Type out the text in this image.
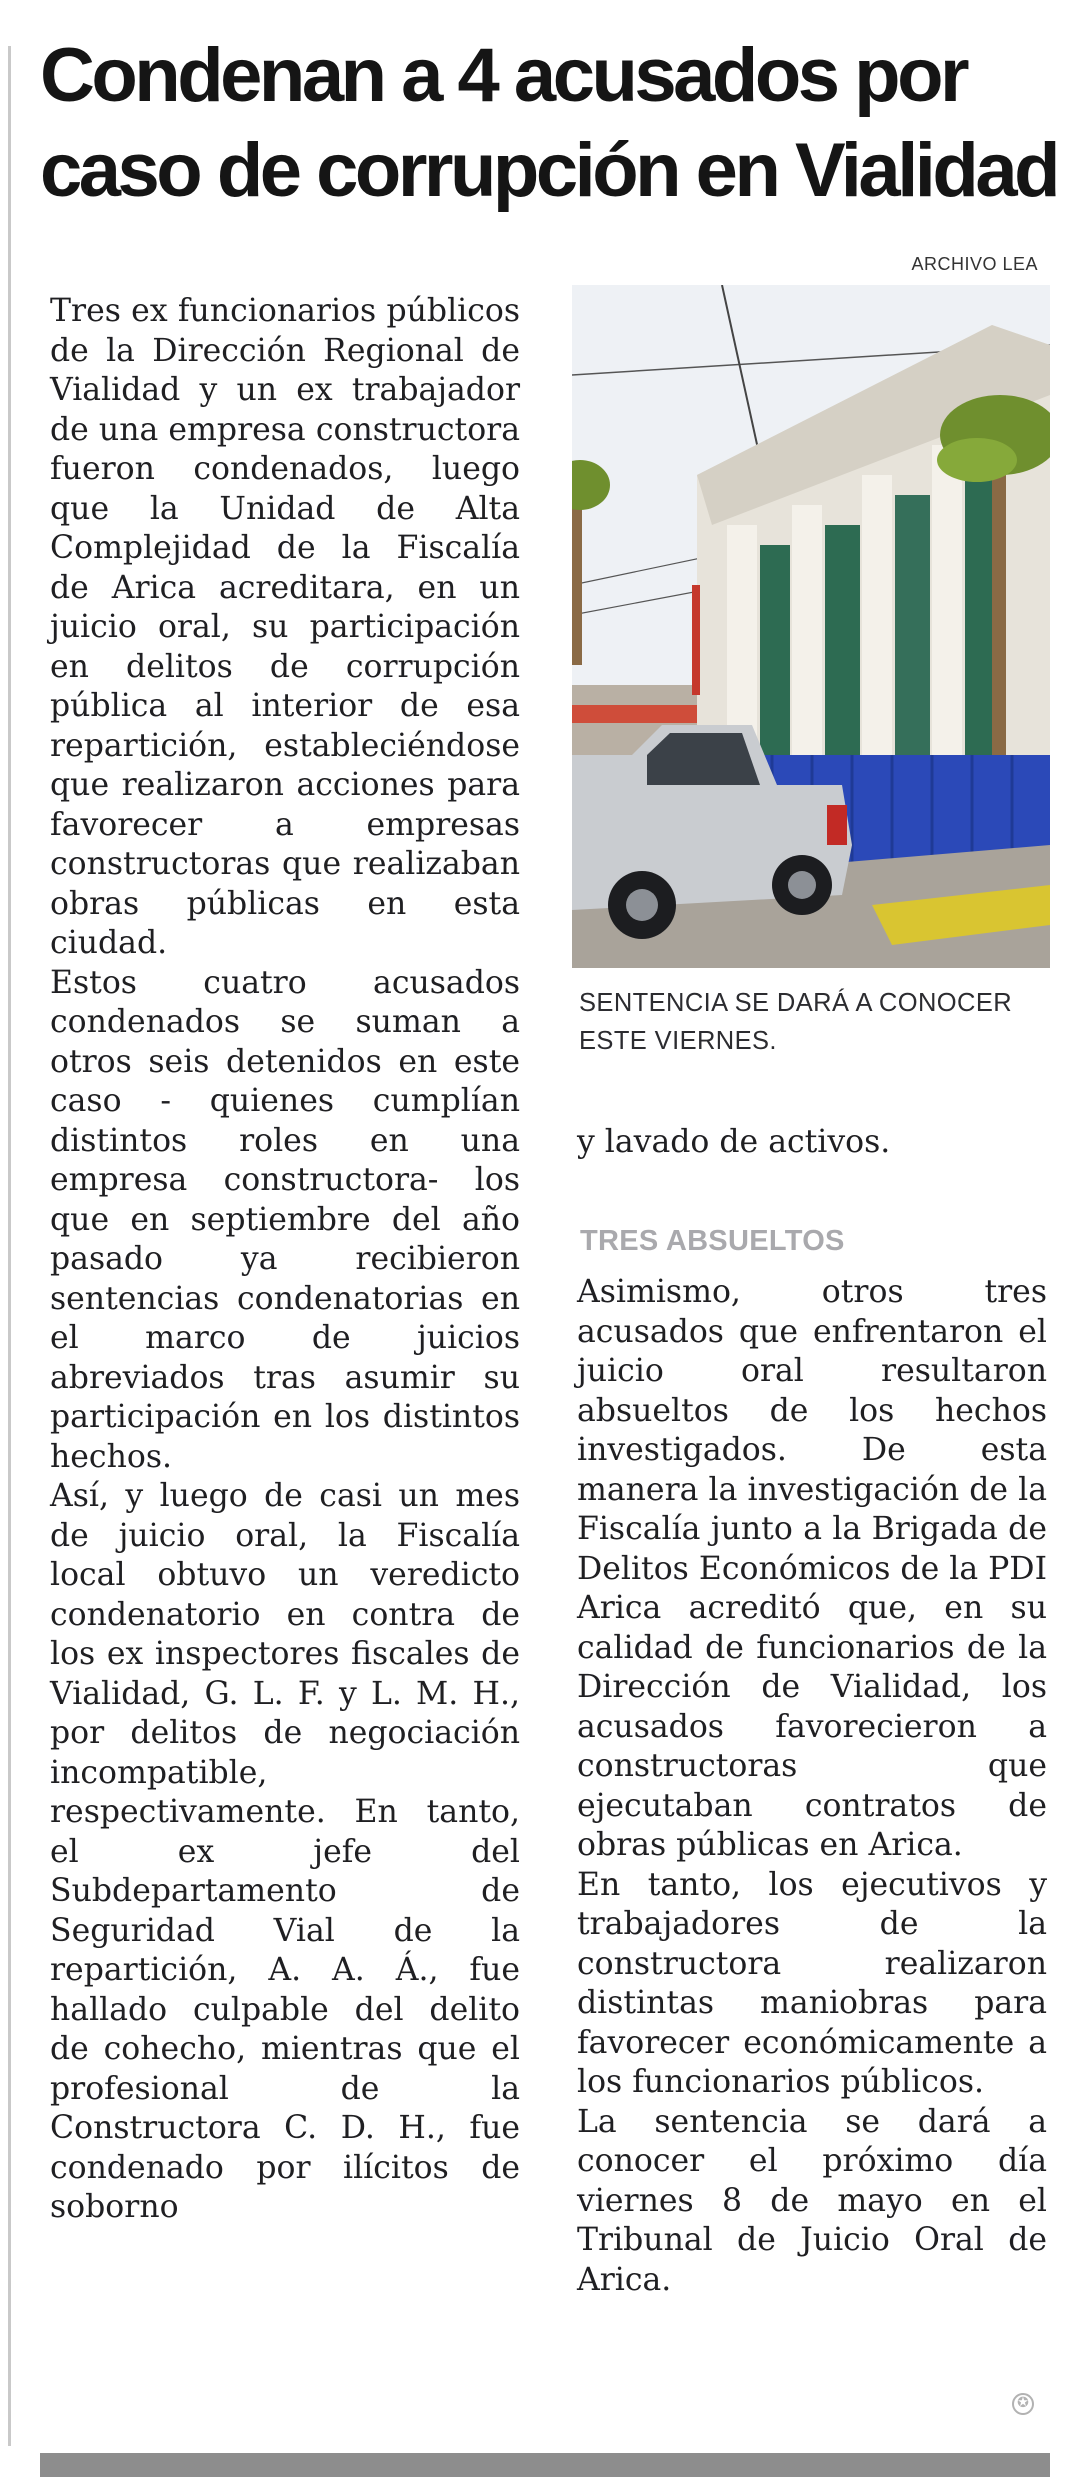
Condenan a 4 acusados por
caso de corrupción en Vialidad
ARCHIVO LEA

Tres ex funcionarios públicos de la Dirección Regional de Vialidad y un ex trabajador de una empresa constructora fueron condenados, luego que la Unidad de Alta Complejidad de la Fiscalía de Arica acreditara, en un juicio oral, su participación en delitos de corrupción pública al interior de esa repartición, estableciéndose que realizaron acciones para favorecer a empresas constructoras que realizaban obras públicas en esta ciudad.

Estos cuatro acusados condenados se suman a otros seis detenidos en este caso - quienes cumplían distintos roles en una empresa constructora- los que en septiembre del año pasado ya recibieron sentencias condenatorias en el marco de juicios abreviados tras asumir su participación en los distintos hechos.

Así, y luego de casi un mes de juicio oral, la Fiscalía local obtuvo un veredicto condenatorio en contra de los ex inspectores fiscales de Vialidad, G. L. F. y L. M. H., por delitos de negociación incompatible, respectivamente. En tanto, el ex jefe del Subdepartamento de Seguridad Vial de la repartición, A. A. Á., fue hallado culpable del delito de cohecho, mientras que el profesional de la Constructora C. D. H., fue condenado por ilícitos de soborno

SENTENCIA SE DARÁ A CONOCER ESTE VIERNES.

y lavado de activos.

TRES ABSUELTOS

Asimismo, otros tres acusados que enfrentaron el juicio oral resultaron absueltos de los hechos investigados. De esta manera la investigación de la Fiscalía junto a la Brigada de Delitos Económicos de la PDI Arica acreditó que, en su calidad de funcionarios de la Dirección de Vialidad, los acusados favorecieron a constructoras que ejecutaban contratos de obras públicas en Arica.

En tanto, los ejecutivos y trabajadores de la constructora realizaron distintas maniobras para favorecer económicamente a los funcionarios públicos.

La sentencia se dará a conocer el próximo día viernes 8 de mayo en el Tribunal de Juicio Oral de Arica.

✪
